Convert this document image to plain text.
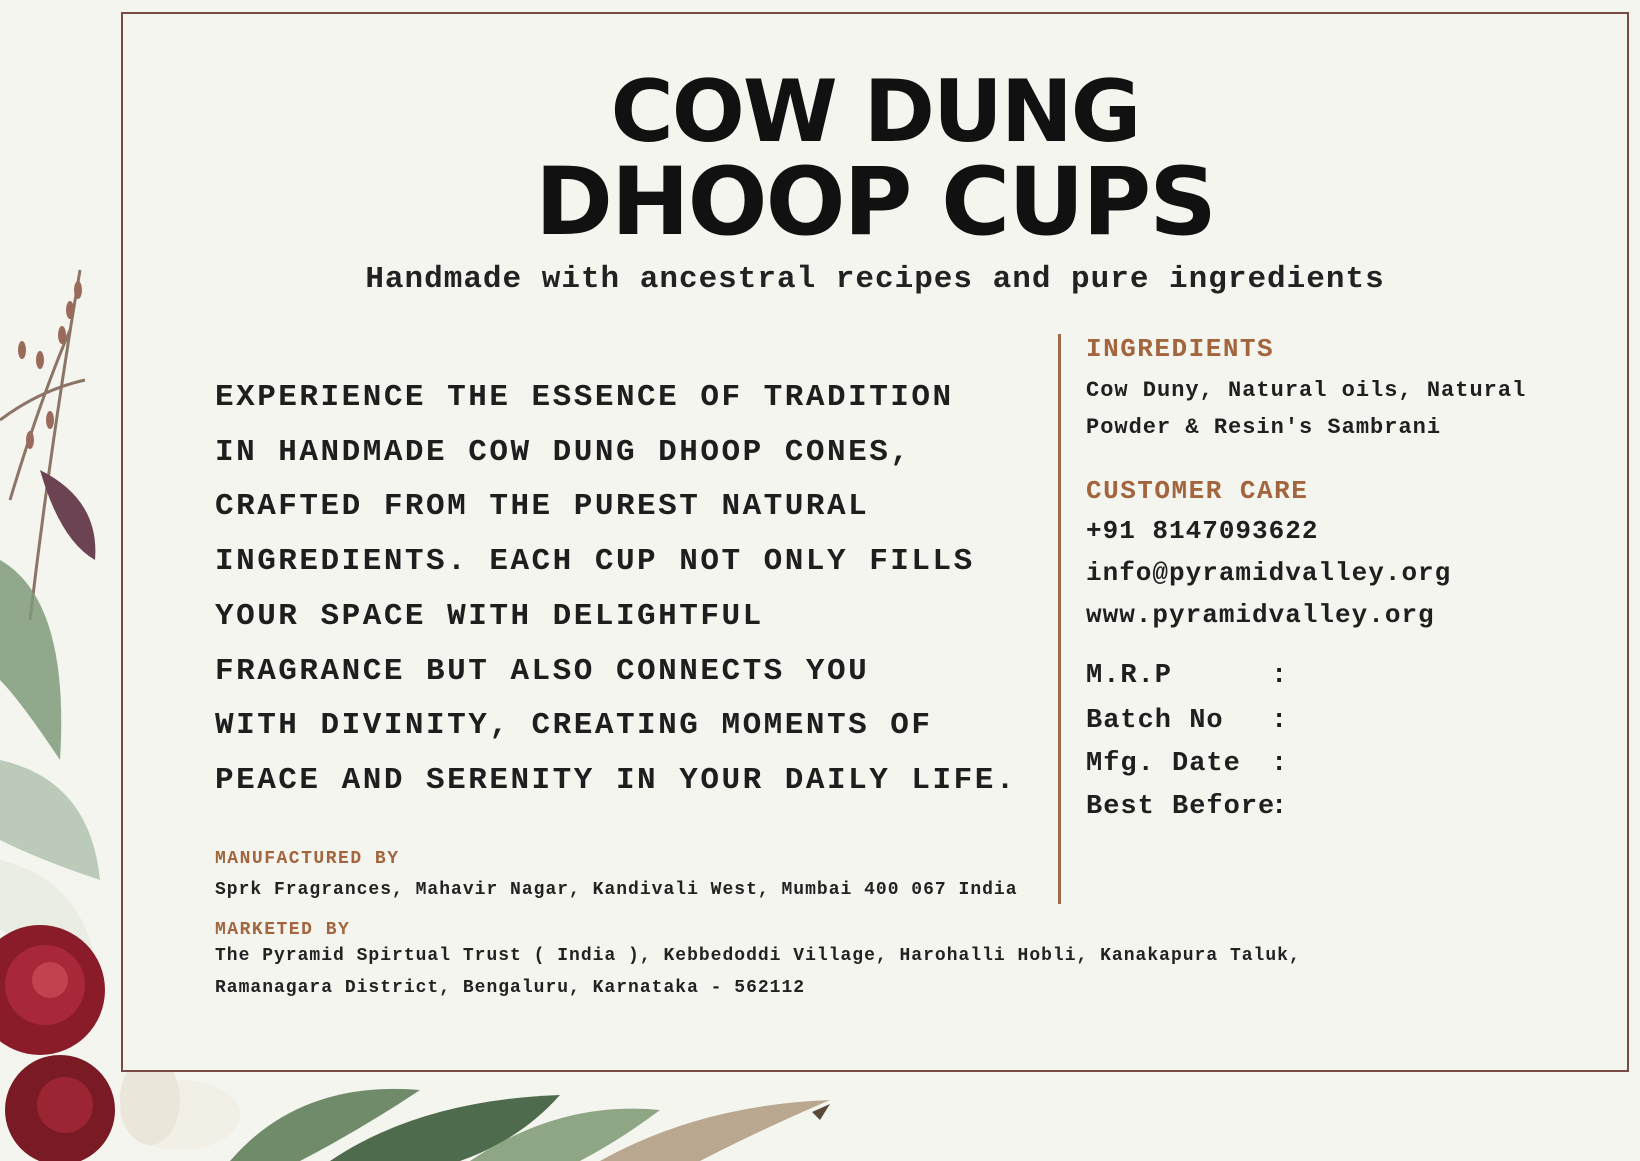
COW DUNG
DHOOP CUPS
Handmade with ancestral recipes and pure ingredients
EXPERIENCE THE ESSENCE OF TRADITION
IN HANDMADE COW DUNG DHOOP CONES,
CRAFTED FROM THE PUREST NATURAL
INGREDIENTS. EACH CUP NOT ONLY FILLS
YOUR SPACE WITH DELIGHTFUL
FRAGRANCE BUT ALSO CONNECTS YOU
WITH DIVINITY, CREATING MOMENTS OF
PEACE AND SERENITY IN YOUR DAILY LIFE.
INGREDIENTS
Cow Duny, Natural oils, Natural
Powder & Resin's Sambrani
CUSTOMER CARE
+91 8147093622
info@pyramidvalley.org
www.pyramidvalley.org
M.R.P	:
Batch No :
Mfg. Date :
Best Before
:
MANUFACTURED BY
Sprk Fragrances, Mahavir Nagar, Kandivali West, Mumbai 400 067 India
MARKETED BY
The Pyramid Spirtual Trust ( India ), Kebbedoddi Village, Harohalli Hobli, Kanakapura Taluk,
Ramanagara District, Bengaluru, Karnataka - 562112
